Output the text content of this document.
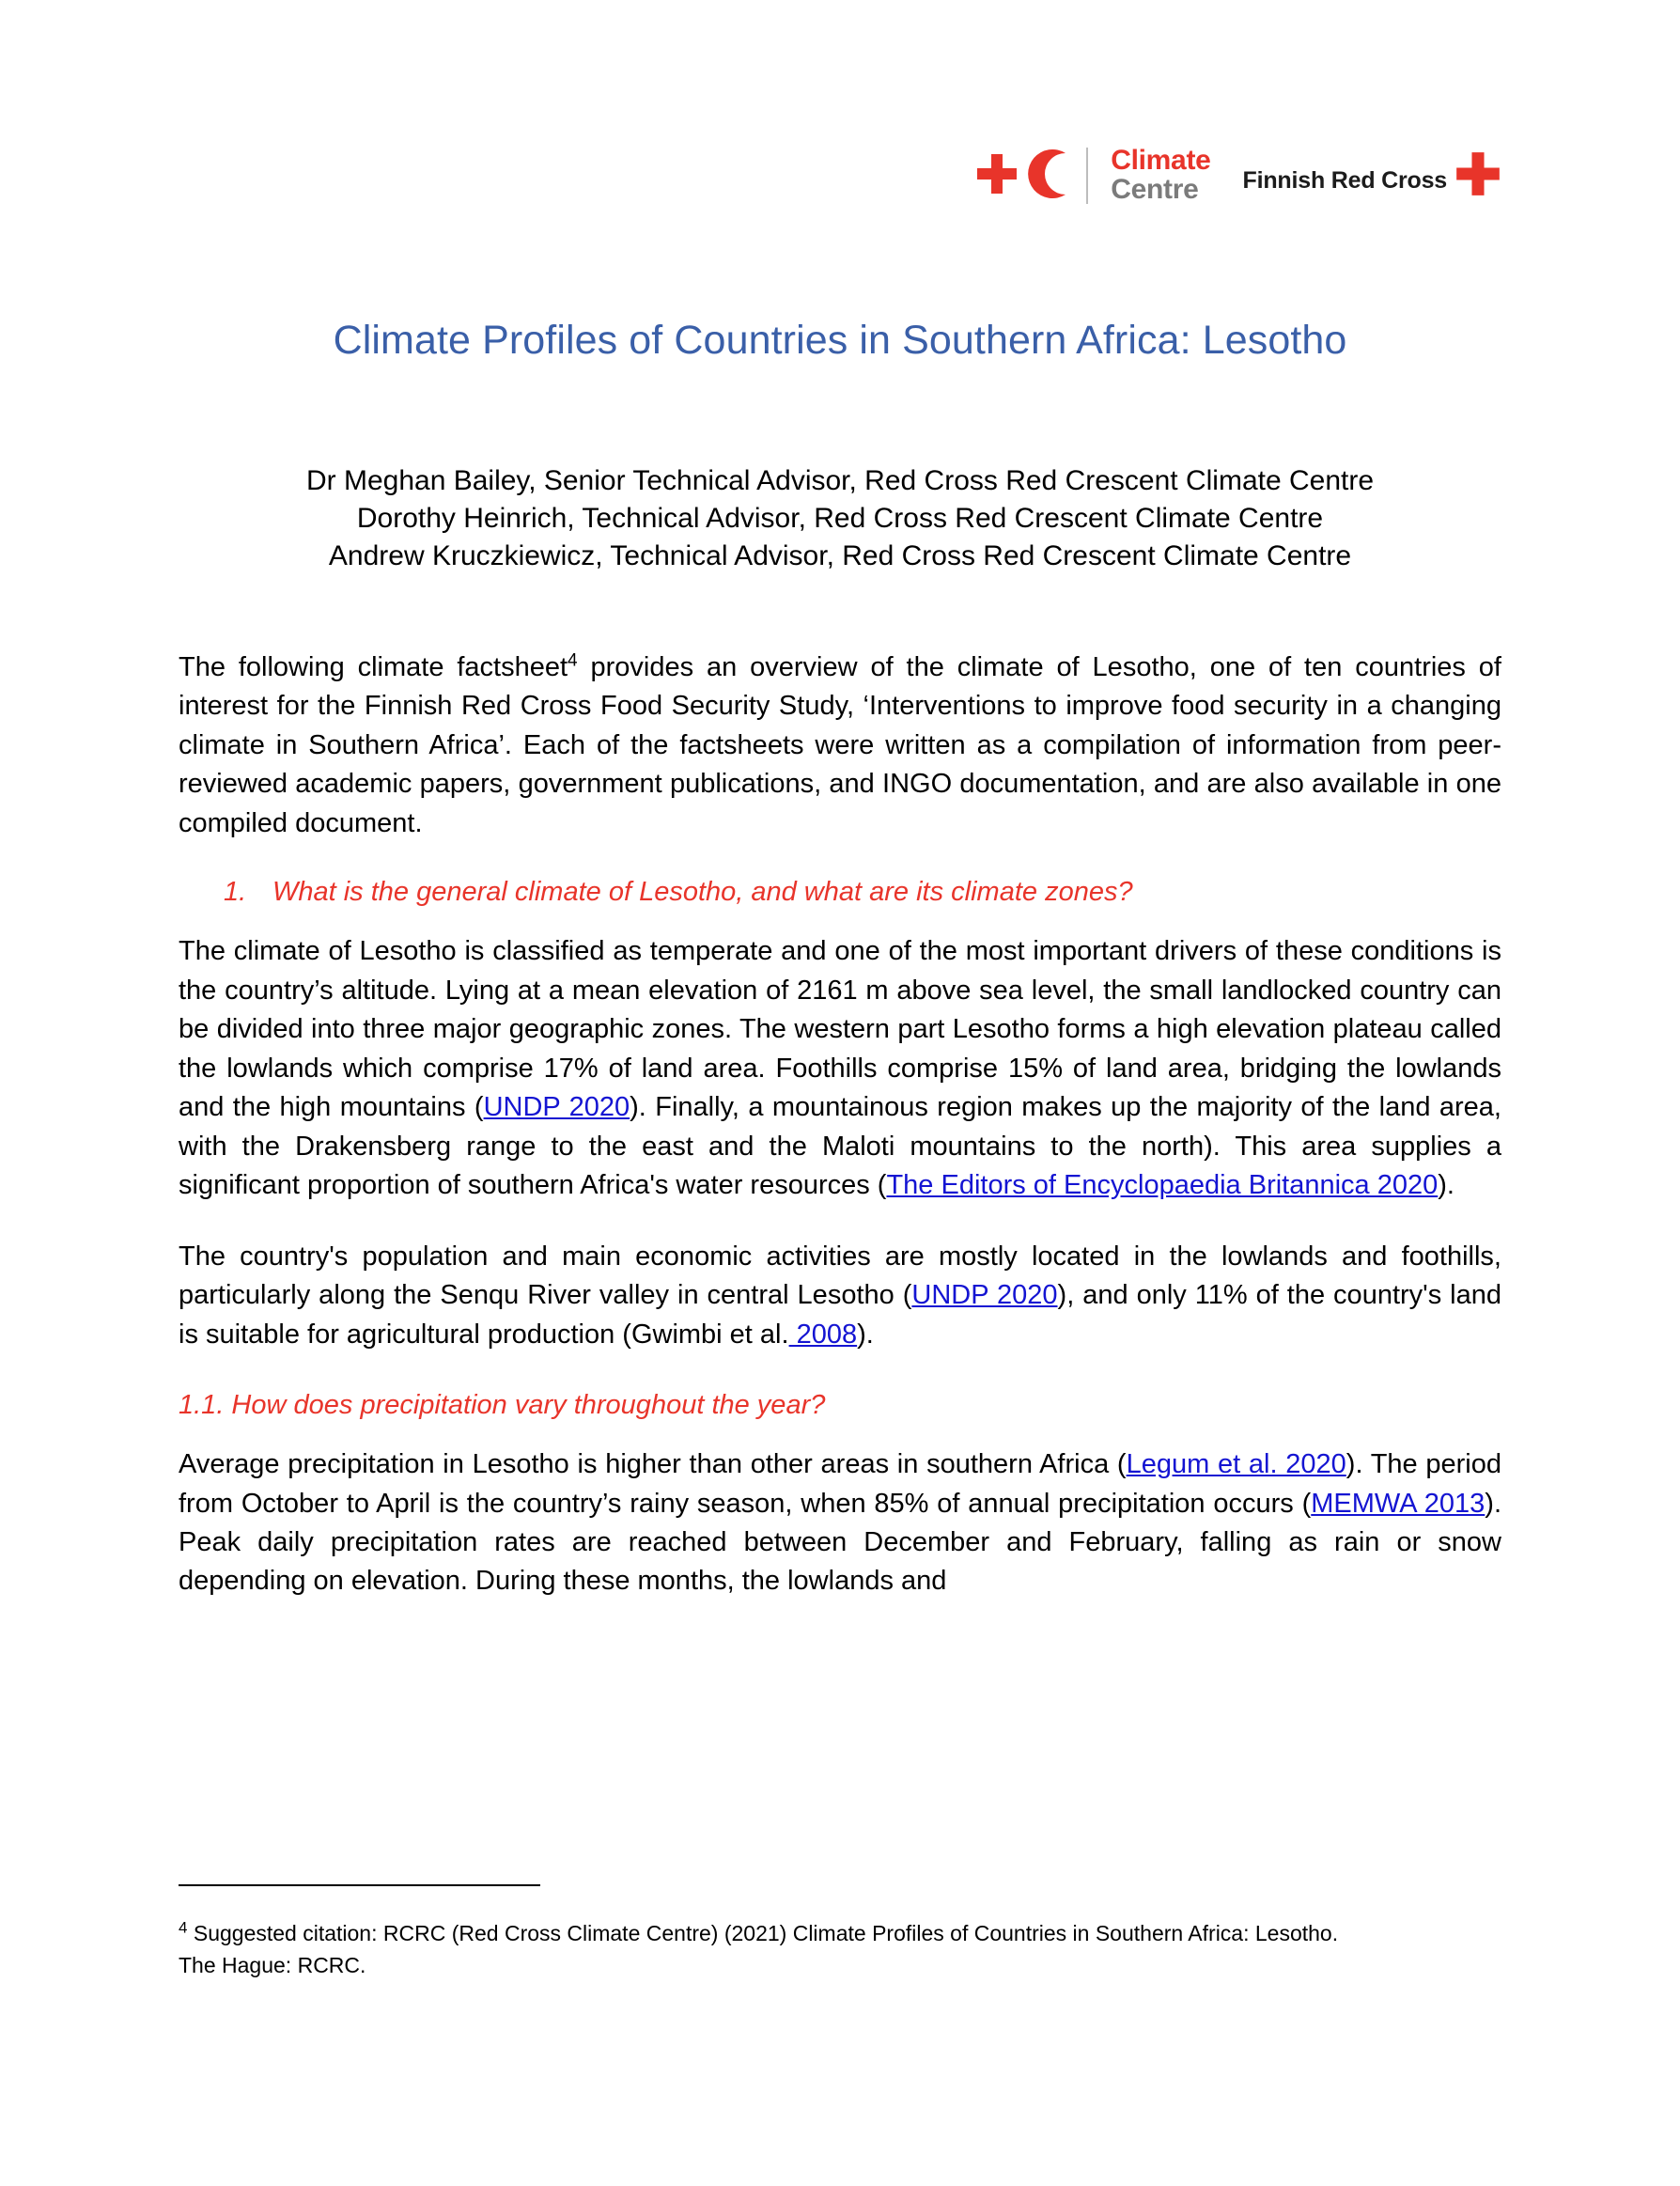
Climate
Centre	Finnish Red Cross
Climate Profiles of Countries in Southern Africa: Lesotho
Dr Meghan Bailey, Senior Technical Advisor, Red Cross Red Crescent Climate Centre
Dorothy Heinrich, Technical Advisor, Red Cross Red Crescent Climate Centre
Andrew Kruczkiewicz, Technical Advisor, Red Cross Red Crescent Climate Centre

The following climate factsheet$^4$ provides an overview of the climate of Lesotho, one of ten countries of interest for the Finnish Red Cross Food Security Study, ‘Interventions to improve food security in a changing climate in Southern Africa’. Each of the factsheets were written as a compilation of information from peer-reviewed academic papers, government publications, and INGO documentation, and are also available in one compiled document.

1. What is the general climate of Lesotho, and what are its climate zones?

The climate of Lesotho is classified as temperate and one of the most important drivers of these conditions is the country’s altitude. Lying at a mean elevation of 2161 m above sea level, the small landlocked country can be divided into three major geographic zones. The western part Lesotho forms a high elevation plateau called the lowlands which comprise 17% of land area. Foothills comprise 15% of land area, bridging the lowlands and the high mountains (UNDP 2020). Finally, a mountainous region makes up the majority of the land area, with the Drakensberg range to the east and the Maloti mountains to the north). This area supplies a significant proportion of southern Africa's water resources (The Editors of Encyclopaedia Britannica 2020).

The country's population and main economic activities are mostly located in the lowlands and foothills, particularly along the Senqu River valley in central Lesotho (UNDP 2020), and only 11% of the country's land is suitable for agricultural production (Gwimbi et al. 2008).

1.1. How does precipitation vary throughout the year?

Average precipitation in Lesotho is higher than other areas in southern Africa (Legum et al. 2020). The period from October to April is the country’s rainy season, when 85% of annual precipitation occurs (MEMWA 2013). Peak daily precipitation rates are reached between December and February, falling as rain or snow depending on elevation. During these months, the lowlands and

$^4$ Suggested citation: RCRC (Red Cross Climate Centre) (2021) Climate Profiles of Countries in Southern Africa: Lesotho. The Hague: RCRC.
